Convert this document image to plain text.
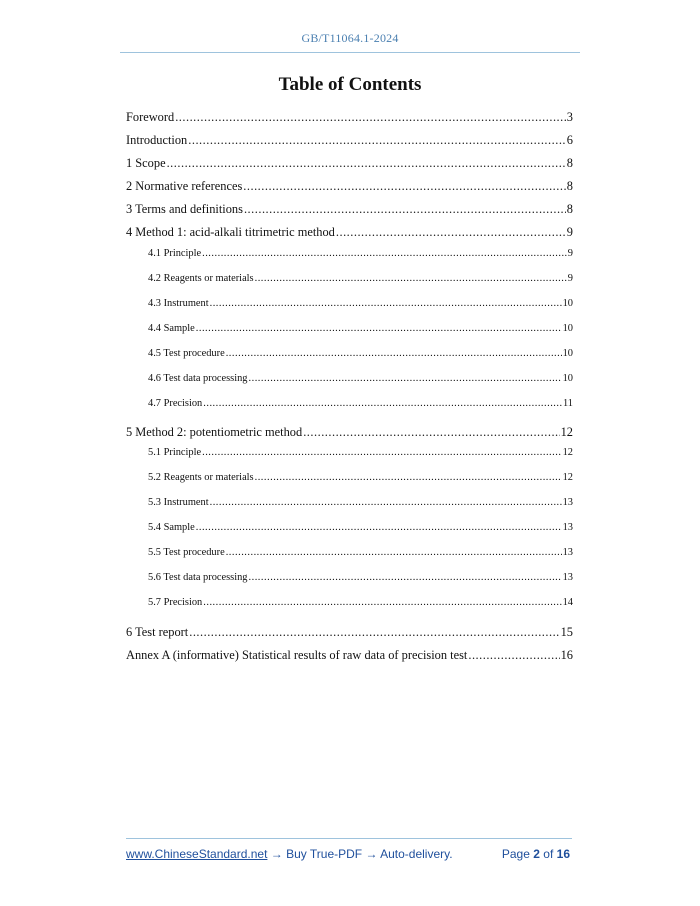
GB/T11064.1-2024
Table of Contents
Foreword .....	3
Introduction .....	6
1 Scope .....	8
2 Normative references .....	8
3 Terms and definitions .....	8
4 Method 1: acid-alkali titrimetric method .....	9
4.1 Principle .....	9
4.2 Reagents or materials .....	9
4.3 Instrument .....	10
4.4 Sample .....	10
4.5 Test procedure .....	10
4.6 Test data processing .....	10
4.7 Precision .....	11
5 Method 2: potentiometric method .....	12
5.1 Principle .....	12
5.2 Reagents or materials .....	12
5.3 Instrument .....	13
5.4 Sample .....	13
5.5 Test procedure .....	13
5.6 Test data processing .....	13
5.7 Precision .....	14
6 Test report .....	15
Annex A (informative) Statistical results of raw data of precision test .....	16
www.ChineseStandard.net → Buy True-PDF → Auto-delivery.	Page 2 of 16
